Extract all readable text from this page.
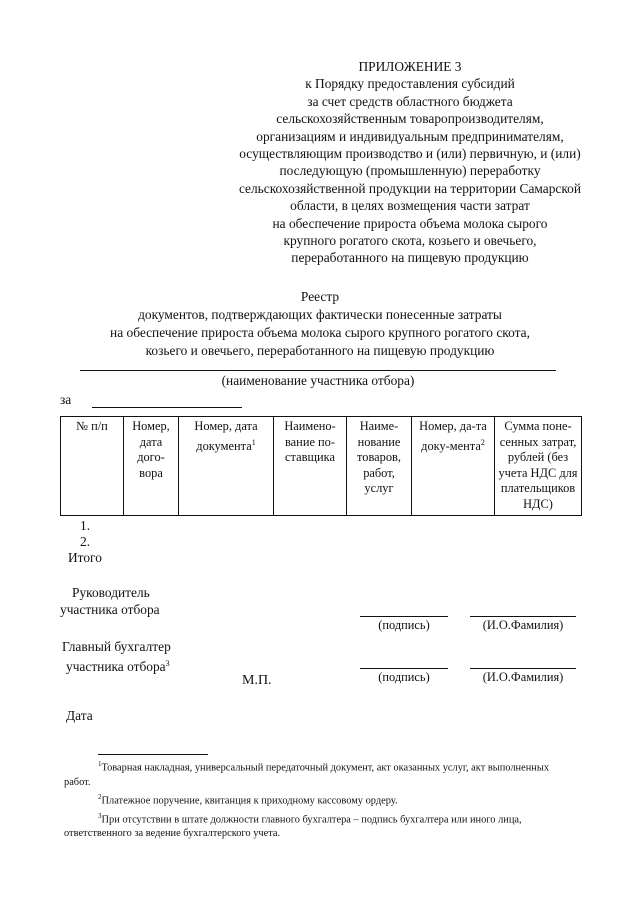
ПРИЛОЖЕНИЕ 3
к Порядку предоставления субсидий
за счет средств областного бюджета
сельскохозяйственным товаропроизводителям,
организациям и индивидуальным предпринимателям,
осуществляющим производство и (или) первичную, и (или)
последующую (промышленную) переработку
сельскохозяйственной продукции на территории Самарской
области, в целях возмещения части затрат
на обеспечение прироста объема молока сырого
крупного рогатого скота, козьего и овечьего,
переработанного на пищевую продукцию
Реестр
документов, подтверждающих фактически понесенные затраты
на обеспечение прироста объема молока сырого крупного рогатого скота,
козьего и овечьего, переработанного на пищевую продукцию
(наименование участника отбора)
за
№ п/п	Номер, дата дого-вора	Номер, дата документа$^1$	Наимено-вание по-ставщика	Наиме-нование товаров, работ, услуг	Номер, да-та доку-мента$^2$	Сумма поне-сенных затрат, рублей (без учета НДС для плательщиков НДС)
1.
2.
Итого
Руководитель
участника отбора
(подпись)	(И.О.Фамилия)
Главный бухгалтер
участника отбора$^3$
М.П.	(подпись)	(И.О.Фамилия)
Дата

$^1$Товарная накладная, универсальный передаточный документ, акт оказанных услуг, акт выполненных работ.

$^2$Платежное поручение, квитанция к приходному кассовому ордеру.

$^3$При отсутствии в штате должности главного бухгалтера – подпись бухгалтера или иного лица, ответственного за ведение бухгалтерского учета.
